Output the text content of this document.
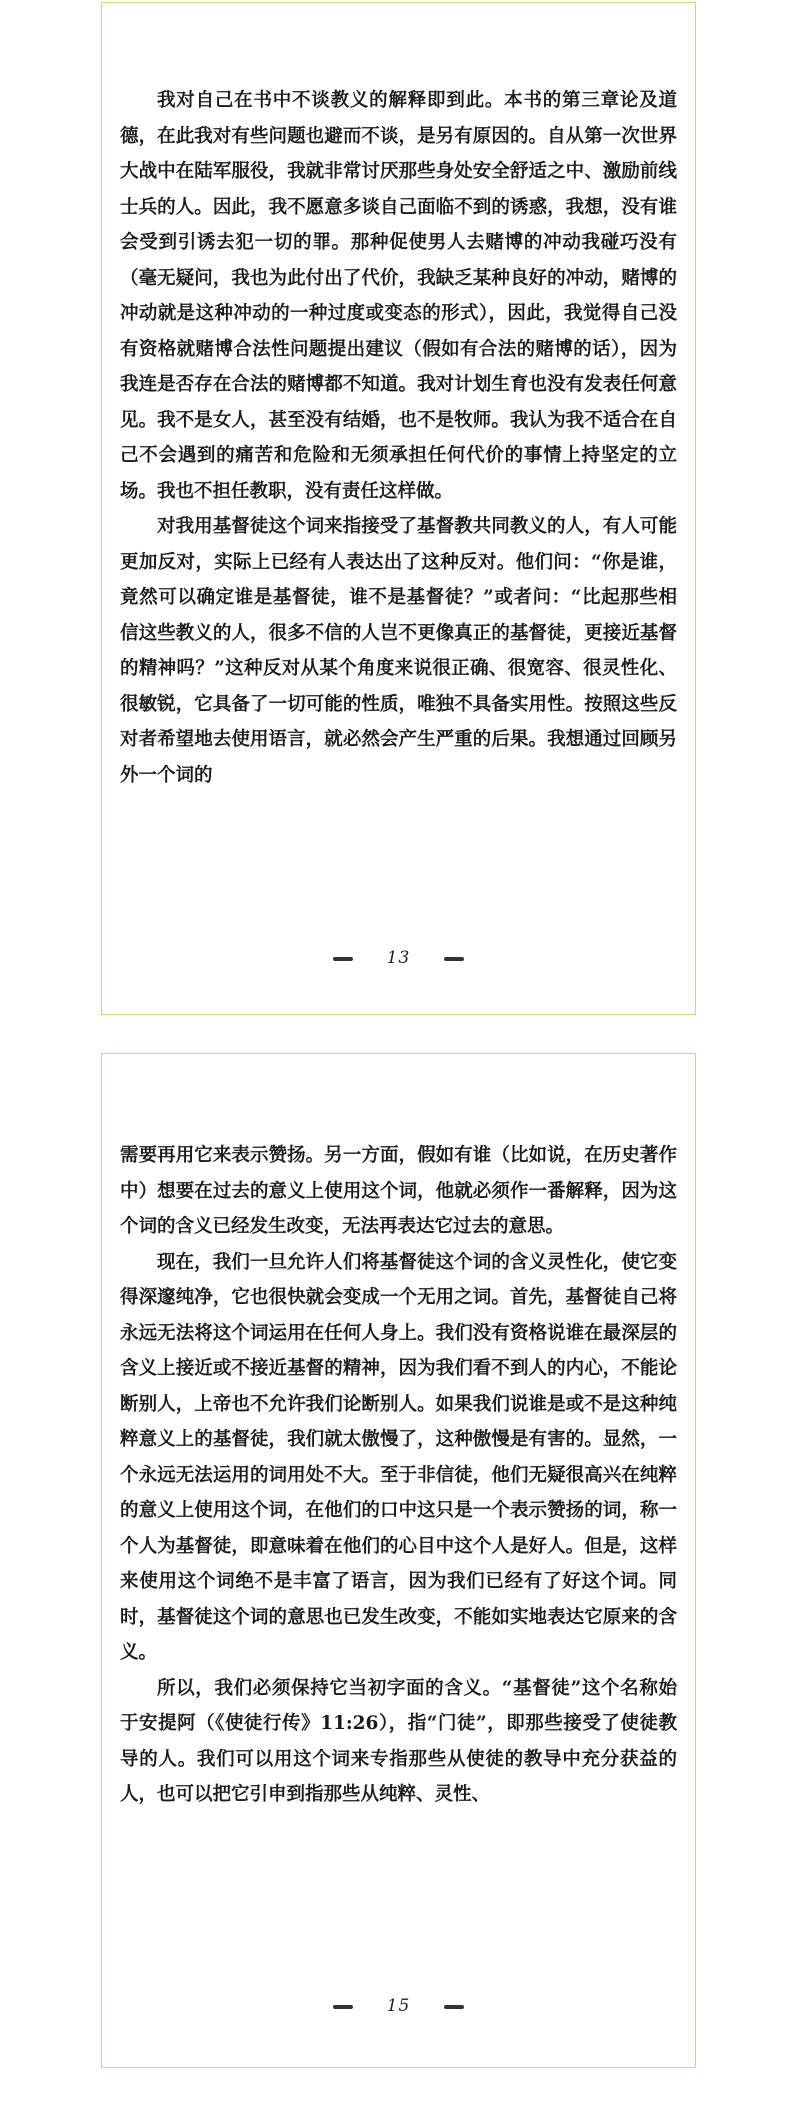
我对自己在书中不谈教义的解释即到此。本书的第三章论及道德，在此我对有些问题也避而不谈，是另有原因的。自从第一次世界大战中在陆军服役，我就非常讨厌那些身处安全舒适之中、激励前线士兵的人。因此，我不愿意多谈自己面临不到的诱惑，我想，没有谁会受到引诱去犯一切的罪。那种促使男人去赌博的冲动我碰巧没有（毫无疑问，我也为此付出了代价，我缺乏某种良好的冲动，赌博的冲动就是这种冲动的一种过度或变态的形式），因此，我觉得自己没有资格就赌博合法性问题提出建议（假如有合法的赌博的话），因为我连是否存在合法的赌博都不知道。我对计划生育也没有发表任何意见。我不是女人，甚至没有结婚，也不是牧师。我认为我不适合在自己不会遇到的痛苦和危险和无须承担任何代价的事情上持坚定的立场。我也不担任教职，没有责任这样做。

对我用基督徒这个词来指接受了基督教共同教义的人，有人可能更加反对，实际上已经有人表达出了这种反对。他们问：“你是谁，竟然可以确定谁是基督徒，谁不是基督徒？”或者问：“比起那些相信这些教义的人，很多不信的人岂不更像真正的基督徒，更接近基督的精神吗？”这种反对从某个角度来说很正确、很宽容、很灵性化、很敏锐，它具备了一切可能的性质，唯独不具备实用性。按照这些反对者希望地去使用语言，就必然会产生严重的后果。我想通过回顾另外一个词的

13

需要再用它来表示赞扬。另一方面，假如有谁（比如说，在历史著作中）想要在过去的意义上使用这个词，他就必须作一番解释，因为这个词的含义已经发生改变，无法再表达它过去的意思。

现在，我们一旦允许人们将基督徒这个词的含义灵性化，使它变得深邃纯净，它也很快就会变成一个无用之词。首先，基督徒自己将永远无法将这个词运用在任何人身上。我们没有资格说谁在最深层的含义上接近或不接近基督的精神，因为我们看不到人的内心，不能论断别人，上帝也不允许我们论断别人。如果我们说谁是或不是这种纯粹意义上的基督徒，我们就太傲慢了，这种傲慢是有害的。显然，一个永远无法运用的词用处不大。至于非信徒，他们无疑很高兴在纯粹的意义上使用这个词，在他们的口中这只是一个表示赞扬的词，称一个人为基督徒，即意味着在他们的心目中这个人是好人。但是，这样来使用这个词绝不是丰富了语言，因为我们已经有了好这个词。同时，基督徒这个词的意思也已发生改变，不能如实地表达它原来的含义。

所以，我们必须保持它当初字面的含义。“基督徒”这个名称始于安提阿（《使徒行传》11:26），指“门徒”，即那些接受了使徒教导的人。我们可以用这个词来专指那些从使徒的教导中充分获益的人，也可以把它引申到指那些从纯粹、灵性、

15
